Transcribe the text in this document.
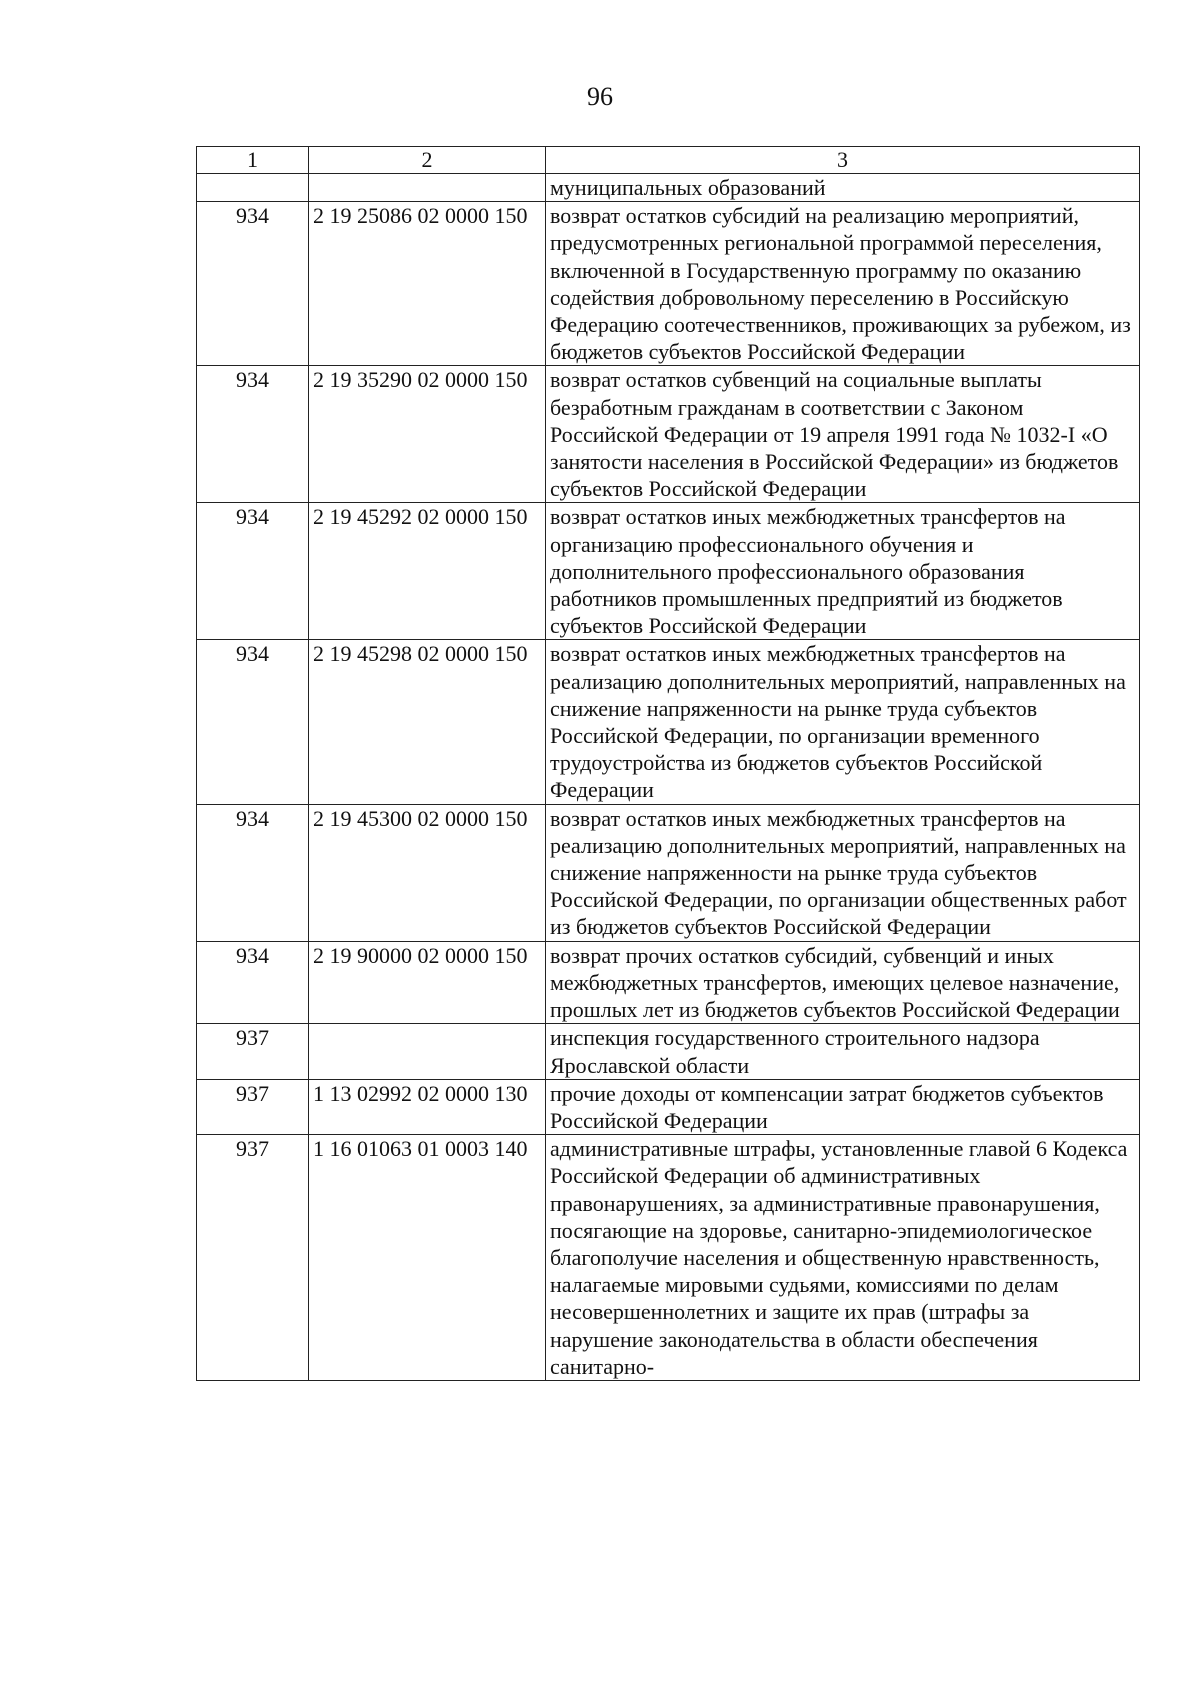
96
1	2	3
		муниципальных образований
934	2 19 25086 02 0000 150	возврат остатков субсидий на реализацию мероприятий, предусмотренных региональной программой переселения, включенной в Государственную программу по оказанию содействия добровольному переселению в Российскую Федерацию соотечественников, проживающих за рубежом, из бюджетов субъектов Российской Федерации
934	2 19 35290 02 0000 150	возврат остатков субвенций на социальные выплаты безработным гражданам в соответствии с Законом Российской Федерации от 19 апреля 1991 года № 1032-I «О занятости населения в Российской Федерации» из бюджетов субъектов Российской Федерации
934	2 19 45292 02 0000 150	возврат остатков иных межбюджетных трансфертов на организацию профессионального обучения и дополнительного профессионального образования работников промышленных предприятий из бюджетов субъектов Российской Федерации
934	2 19 45298 02 0000 150	возврат остатков иных межбюджетных трансфертов на реализацию дополнительных мероприятий, направленных на снижение напряженности на рынке труда субъектов Российской Федерации, по организации временного трудоустройства из бюджетов субъектов Российской Федерации
934	2 19 45300 02 0000 150	возврат остатков иных межбюджетных трансфертов на реализацию дополнительных мероприятий, направленных на снижение напряженности на рынке труда субъектов Российской Федерации, по организации общественных работ из бюджетов субъектов Российской Федерации
934	2 19 90000 02 0000 150	возврат прочих остатков субсидий, субвенций и иных межбюджетных трансфертов, имеющих целевое назначение, прошлых лет из бюджетов субъектов Российской Федерации
937		инспекция государственного строительного надзора Ярославской области
937	1 13 02992 02 0000 130	прочие доходы от компенсации затрат бюджетов субъектов Российской Федерации
937	1 16 01063 01 0003 140	административные штрафы, установленные главой 6 Кодекса Российской Федерации об административных правонарушениях, за административные правонарушения, посягающие на здоровье, санитарно-эпидемиологическое благополучие населения и общественную нравственность, налагаемые мировыми судьями, комиссиями по делам несовершеннолетних и защите их прав (штрафы за нарушение законодательства в области обеспечения санитарно-
